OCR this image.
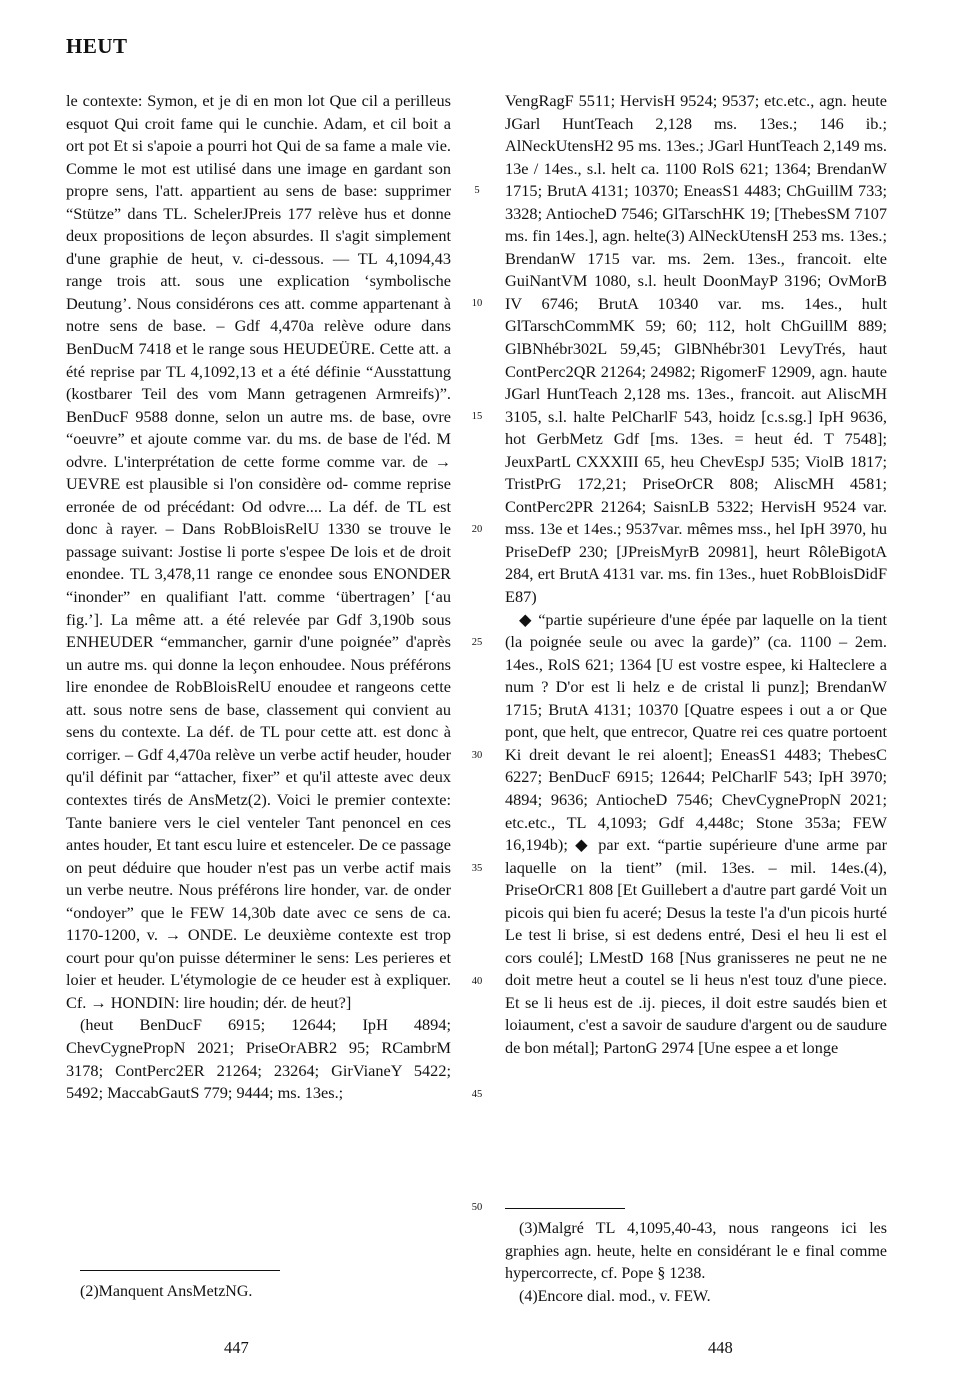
HEUT

le contexte: Symon, et je di en mon lot Que cil a perilleus esquot Qui croit fame qui le cunchie. Adam, et cil boit a ort pot Et si s'apoie a pourri hot Qui de sa fame a male vie. Comme le mot est utilisé dans une image en gardant son propre sens, l'att. appartient au sens de base: supprimer “Stütze” dans TL. SchelerJPreis 177 relève hus et donne deux propositions de leçon absurdes. Il s'agit simplement d'une graphie de heut, v. ci-dessous. — TL 4,1094,43 range trois att. sous une explication ‘symbolische Deutung’. Nous considérons ces att. comme appartenant à notre sens de base. – Gdf 4,470a relève odure dans BenDucM 7418 et le range sous HEUDEÜRE. Cette att. a été reprise par TL 4,1092,13 et a été définie “Ausstattung (kostbarer Teil des vom Mann getragenen Armreifs)”. BenDucF 9588 donne, selon un autre ms. de base, ovre “oeuvre” et ajoute comme var. du ms. de base de l'éd. M odvre. L'interprétation de cette forme comme var. de → UEVRE est plausible si l'on considère od- comme reprise erronée de od précédant: Od odvre.... La déf. de TL est donc à rayer. – Dans RobBloisRelU 1330 se trouve le passage suivant: Jostise li porte s'espee De lois et de droit enondee. TL 3,478,11 range ce enondee sous ENONDER “inonder” en qualifiant l'att. comme ‘übertragen’ [‘au fig.’]. La même att. a été relevée par Gdf 3,190b sous ENHEUDER “emmancher, garnir d'une poignée” d'après un autre ms. qui donne la leçon enhoudee. Nous préférons lire enondee de RobBloisRelU enoudee et rangeons cette att. sous notre sens de base, classement qui convient au sens du contexte. La déf. de TL pour cette att. est donc à corriger. – Gdf 4,470a relève un verbe actif heuder, houder qu'il définit par “attacher, fixer” et qu'il atteste avec deux contextes tirés de AnsMetz(2). Voici le premier contexte: Tante baniere vers le ciel venteler Tant penoncel en ces antes houder, Et tant escu luire et estenceler. De ce passage on peut déduire que houder n'est pas un verbe actif mais un verbe neutre. Nous préférons lire honder, var. de onder “ondoyer” que le FEW 14,30b date avec ce sens de ca. 1170-1200, v. → ONDE. Le deuxième contexte est trop court pour qu'on puisse déterminer le sens: Les perieres et loier et heuder. L'étymologie de ce heuder est à expliquer. Cf. → HONDIN: lire houdin; dér. de heut?]

(heut BenDucF 6915; 12644; IpH 4894; ChevCygnePropN 2021; PriseOrABR2 95; RCambrM 3178; ContPerc2ER 21264; 23264; GirVianeY 5422; 5492; MaccabGautS 779; 9444; ms. 13es.;

5
10
15
20
25
30
35
40
45
50

VengRagF 5511; HervisH 9524; 9537; etc.etc., agn. heute JGarl HuntTeach 2,128 ms. 13es.; 146 ib.; AlNeckUtensH2 95 ms. 13es.; JGarl HuntTeach 2,149 ms. 13e / 14es., s.l. helt ca. 1100 RolS 621; 1364; BrendanW 1715; BrutA 4131; 10370; EneasS1 4483; ChGuillM 733; 3328; AntiocheD 7546; GlTarschHK 19; [ThebesSM 7107 ms. fin 14es.], agn. helte(3) AlNeckUtensH 253 ms. 13es.; BrendanW 1715 var. ms. 2em. 13es., francoit. elte GuiNantVM 1080, s.l. heult DoonMayP 3196; OvMorB IV 6746; BrutA 10340 var. ms. 14es., hult GlTarschCommMK 59; 60; 112, holt ChGuillM 889; GlBNhébr302L 59,45; GlBNhébr301 LevyTrés, haut ContPerc2QR 21264; 24982; RigomerF 12909, agn. haute JGarl HuntTeach 2,128 ms. 13es., francoit. aut AliscMH 3105, s.l. halte PelCharlF 543, hoidz [c.s.sg.] IpH 9636, hot GerbMetz Gdf [ms. 13es. = heut éd. T 7548]; JeuxPartL CXXXIII 65, heu ChevEspJ 535; ViolB 1817; TristPrG 172,21; PriseOrCR 808; AliscMH 4581; ContPerc2PR 21264; SaisnLB 5322; HervisH 9524 var. mss. 13e et 14es.; 9537var. mêmes mss., hel IpH 3970, hu PriseDefP 230; [JPreisMyrB 20981], heurt RôleBigotA 284, ert BrutA 4131 var. ms. fin 13es., huet RobBloisDidF E87)

◆ “partie supérieure d'une épée par laquelle on la tient (la poignée seule ou avec la garde)” (ca. 1100 – 2em. 14es., RolS 621; 1364 [U est vostre espee, ki Halteclere a num ? D'or est li helz e de cristal li punz]; BrendanW 1715; BrutA 4131; 10370 [Quatre espees i out a or Que pont, que helt, que entrecor, Quatre rei ces quatre portoent Ki dreit devant le rei aloent]; EneasS1 4483; ThebesC 6227; BenDucF 6915; 12644; PelCharlF 543; IpH 3970; 4894; 9636; AntiocheD 7546; ChevCygnePropN 2021; etc.etc., TL 4,1093; Gdf 4,448c; Stone 353a; FEW 16,194b); ◆ par ext. “partie supérieure d'une arme par laquelle on la tient” (mil. 13es. – mil. 14es.(4), PriseOrCR1 808 [Et Guillebert a d'autre part gardé Voit un picois qui bien fu aceré; Desus la teste l'a d'un picois hurté Le test li brise, si est dedens entré, Desi el heu li est el cors coulé]; LMestD 168 [Nus granisseres ne peut ne ne doit metre heut a coutel se li heus n'est touz d'une piece. Et se li heus est de .ij. pieces, il doit estre saudés bien et loiaument, c'est a savoir de saudure d'argent ou de saudure de bon métal]; PartonG 2974 [Une espee a et longe

(2)Manquent AnsMetzNG.
(3)Malgré TL 4,1095,40-43, nous rangeons ici les graphies agn. heute, helte en considérant le e final comme hypercorrecte, cf. Pope § 1238.
(4)Encore dial. mod., v. FEW.
447	448
